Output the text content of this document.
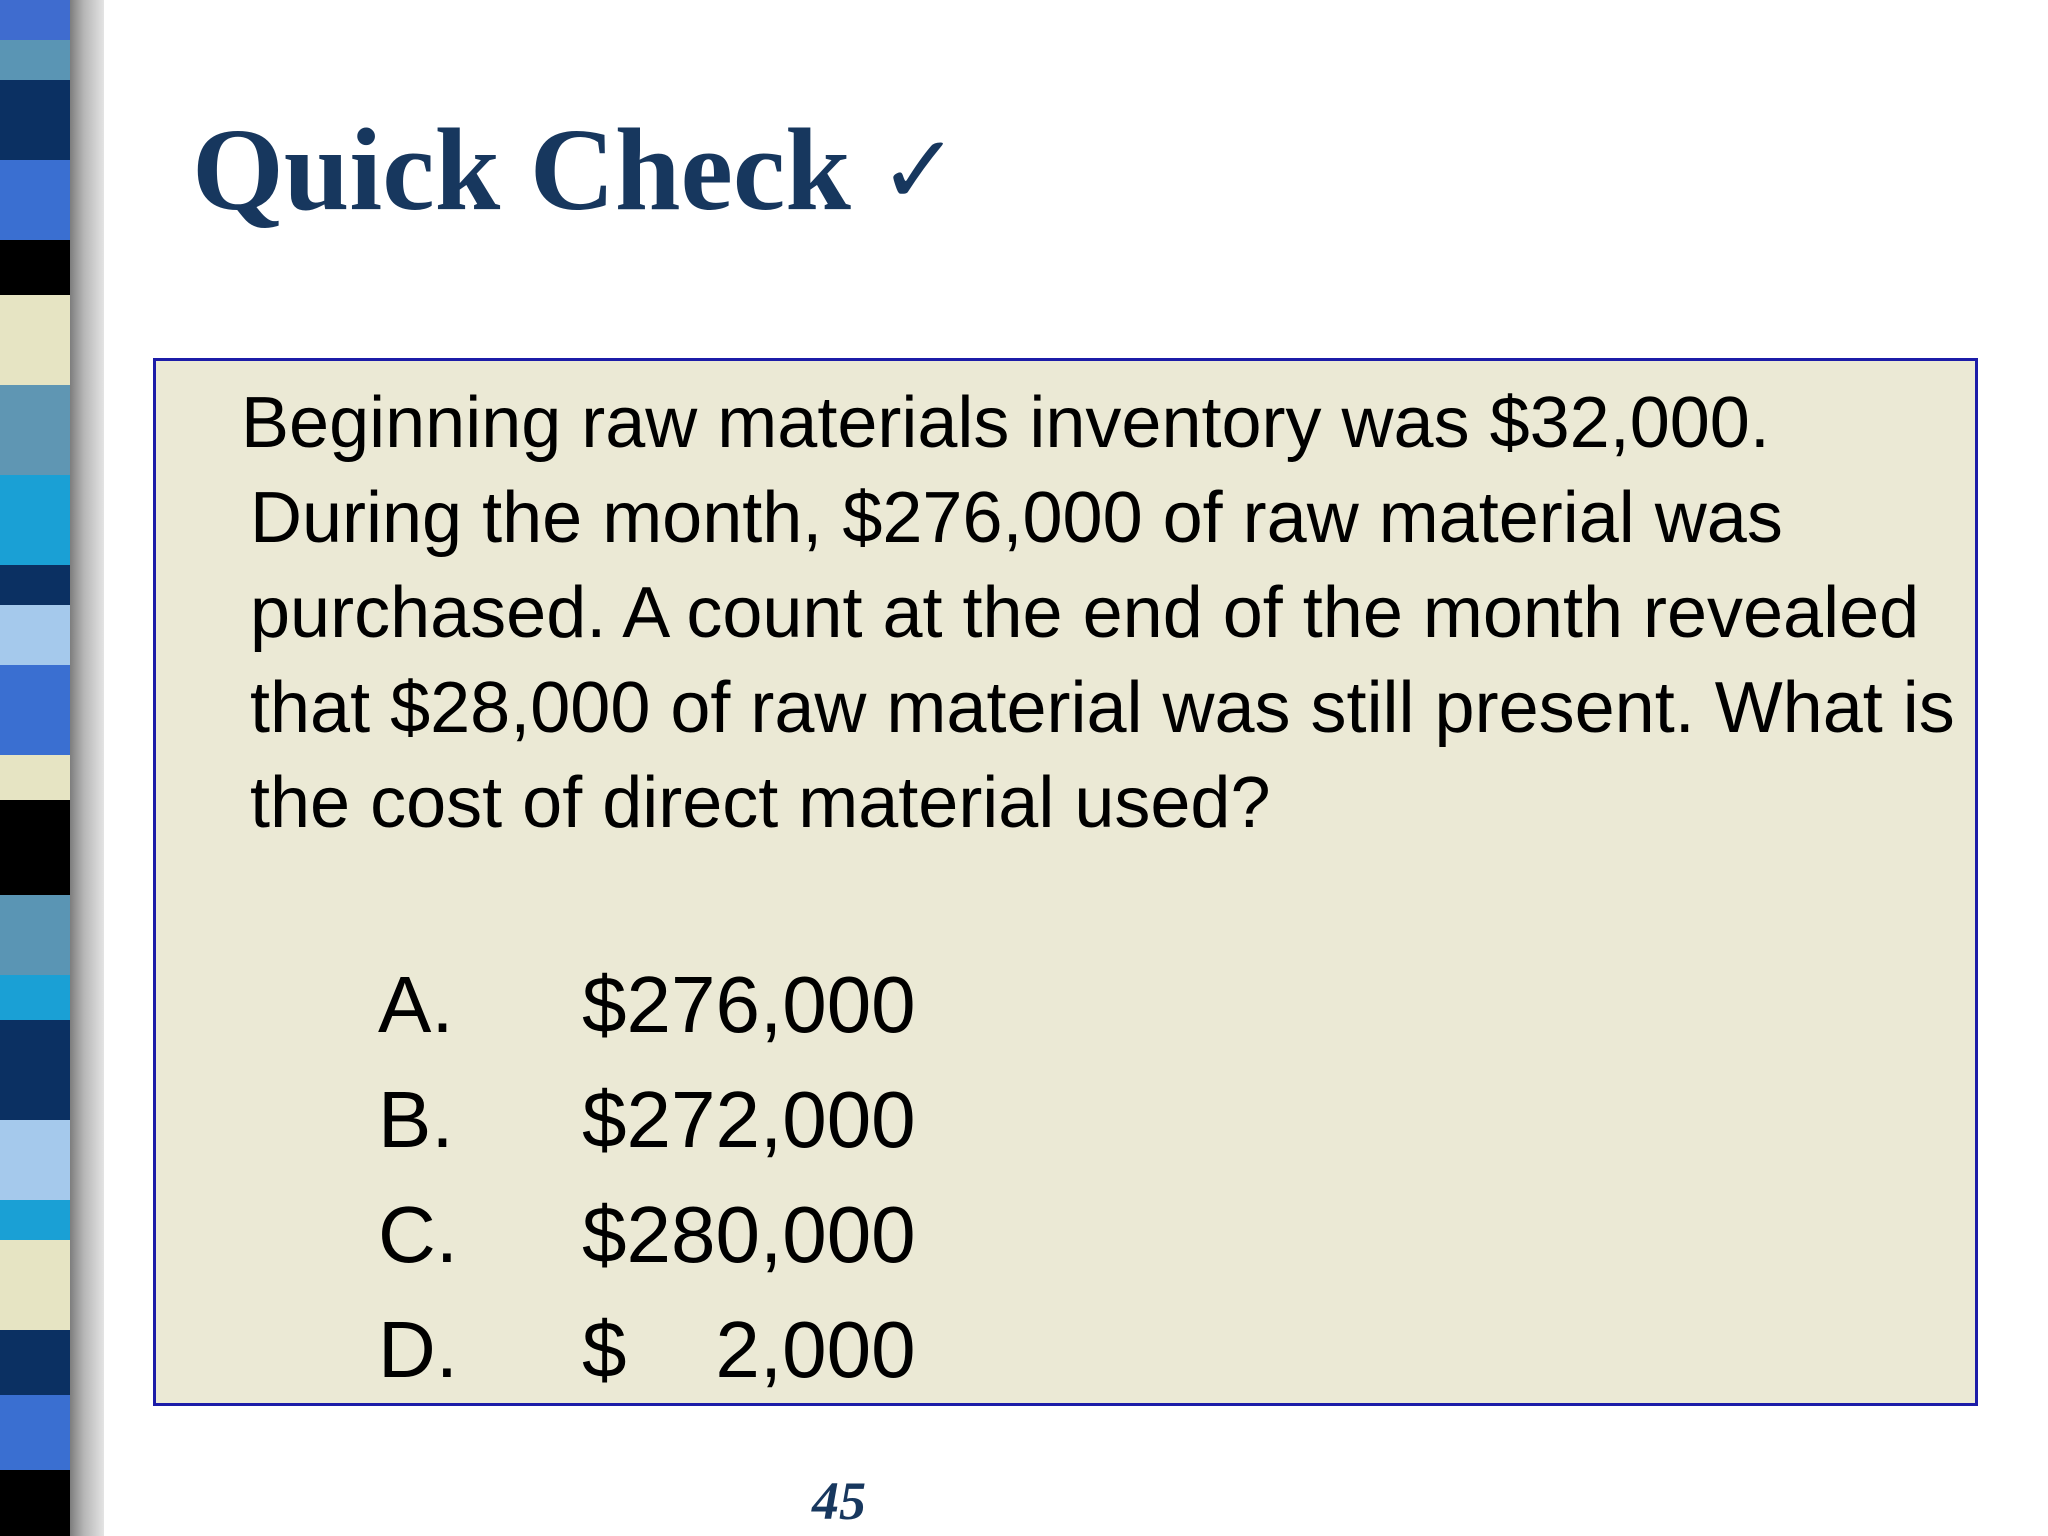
Quick Check ✓

Beginning raw materials inventory was $32,000. During the month, $276,000 of raw material was purchased. A count at the end of the month revealed that $28,000 of raw material was still present. What is the cost of direct material used?

A.	$276,000
B.	$272,000
C.	$280,000
D.	$    2,000
45
